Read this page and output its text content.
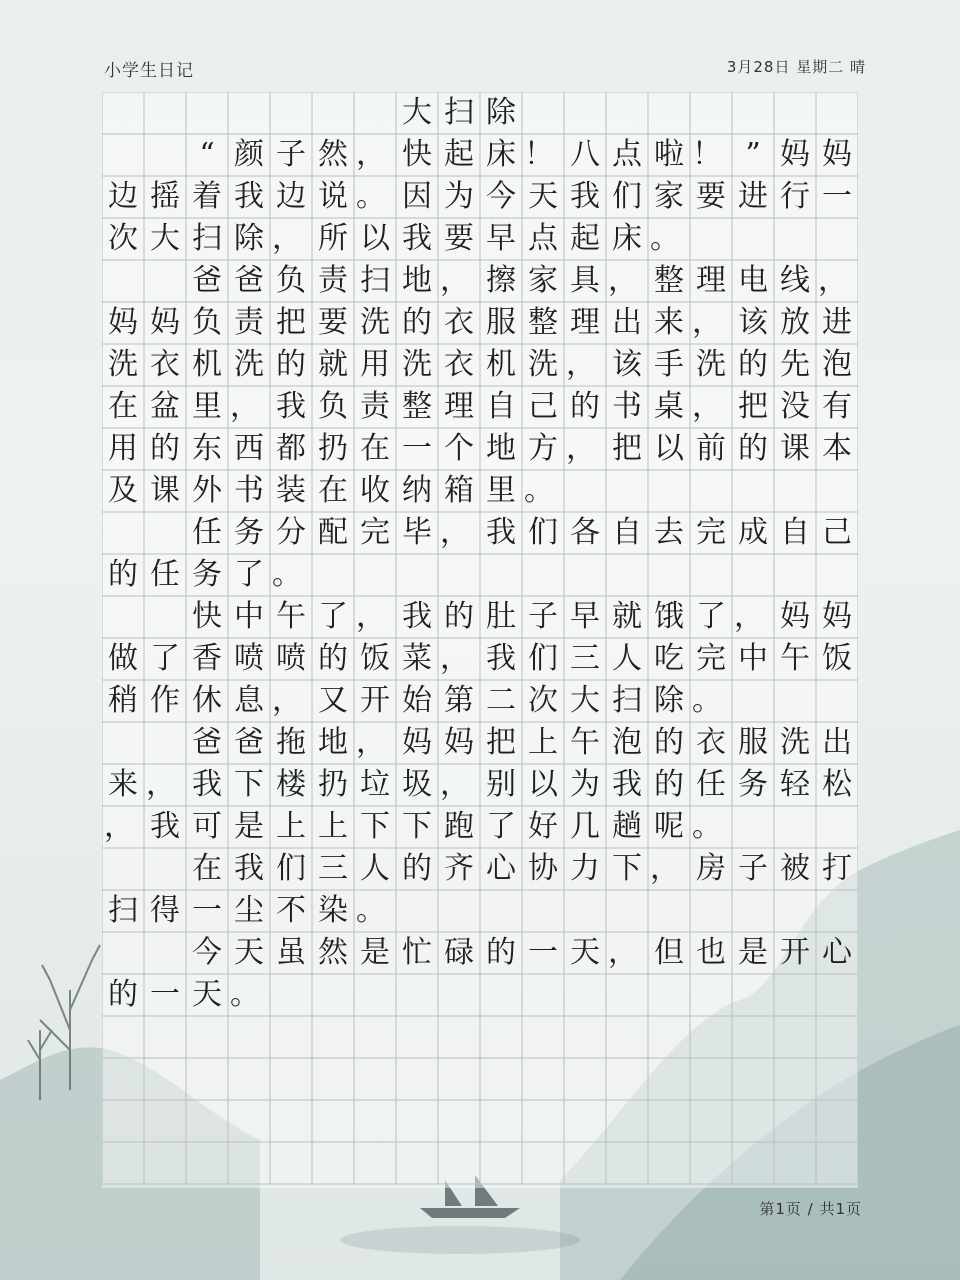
小学生日记	3月28日 星期二 晴
大 扫 除
“ 颜 子 然 ， 快 起 床 ！ 八 点 啦 ！ ” 妈 妈
边 摇 着 我 边 说 。 因 为 今 天 我 们 家 要 进 行 一
次 大 扫 除 ， 所 以 我 要 早 点 起 床 。
爸 爸 负 责 扫 地 ， 擦 家 具 ， 整 理 电 线 ，
妈 妈 负 责 把 要 洗 的 衣 服 整 理 出 来 ， 该 放 进
洗 衣 机 洗 的 就 用 洗 衣 机 洗 ， 该 手 洗 的 先 泡
在 盆 里 ， 我 负 责 整 理 自 己 的 书 桌 ， 把 没 有
用 的 东 西 都 扔 在 一 个 地 方 ， 把 以 前 的 课 本
及 课 外 书 装 在 收 纳 箱 里 。
任 务 分 配 完 毕 ， 我 们 各 自 去 完 成 自 己
的 任 务 了 。
快 中 午 了 ， 我 的 肚 子 早 就 饿 了 ， 妈 妈
做 了 香 喷 喷 的 饭 菜 ， 我 们 三 人 吃 完 中 午 饭
稍 作 休 息 ， 又 开 始 第 二 次 大 扫 除 。
爸 爸 拖 地 ， 妈 妈 把 上 午 泡 的 衣 服 洗 出
来 ， 我 下 楼 扔 垃 圾 ， 别 以 为 我 的 任 务 轻 松
， 我 可 是 上 上 下 下 跑 了 好 几 趟 呢 。
在 我 们 三 人 的 齐 心 协 力 下 ， 房 子 被 打
扫 得 一 尘 不 染 。
今 天 虽 然 是 忙 碌 的 一 天 ， 但 也 是 开 心
的 一 天 。
第1页 / 共1页
